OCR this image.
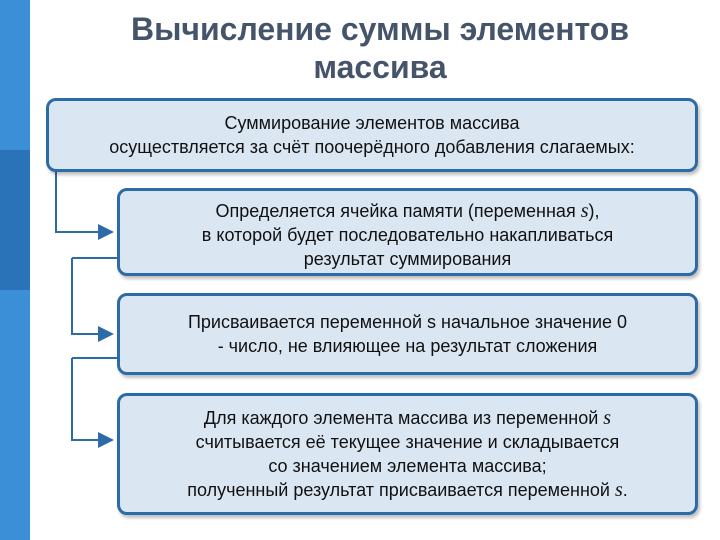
Вычисление суммы элементов
массива
Суммирование элементов массива
осуществляется за счёт поочерёдного добавления слагаемых:
Определяется ячейка памяти (переменная s),
в которой будет последовательно накапливаться
результат суммирования
Присваивается переменной s начальное значение 0
- число, не влияющее на результат сложения
Для каждого элемента массива из переменной s
считывается её текущее значение и складывается
со значением элемента массива;
полученный результат присваивается переменной s.
